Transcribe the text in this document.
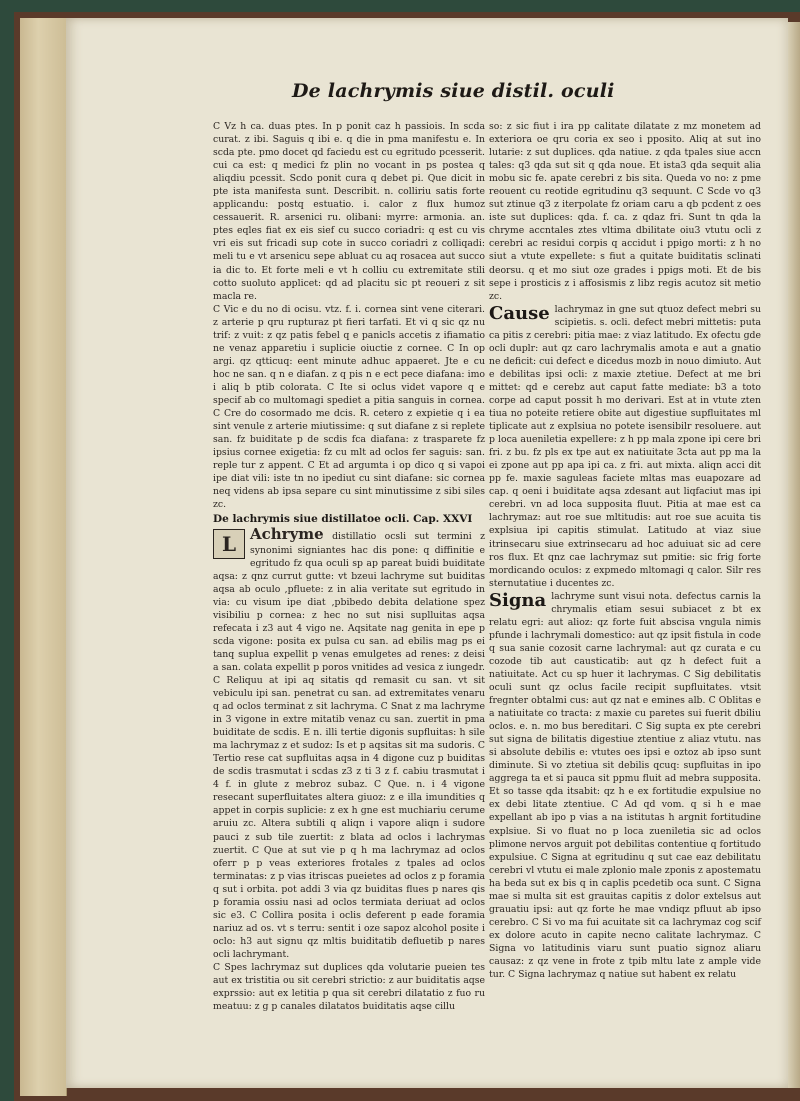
De lachrymis siue distil. oculi

C Vz h ca. duas ptes. In p ponit caz h passiois. In scda curat. z ibi. Saguis q ibi e. q die in pma manifestu e. In scda pte. pmo docet qd faciedu est cu egritudo pcesserit. cui ca est: q medici fz plin no vocant in ps postea q aliqdiu pcessit. Scdo ponit cura q debet pi. Que dicit in pte ista manifesta sunt. Describit. n. colliriu satis forte applicandu: postq estuatio. i. calor z flux humoz cessauerit. R. arsenici ru. olibani: myrre: armonia. an. ptes eqles fiat ex eis sief cu succo coriadri: q est cu vis vri eis sut fricadi sup cote in succo coriadri z colliqadi: meli tu e vt arsenicu sepe abluat cu aq rosacea aut succo ia dic to. Et forte meli e vt h colliu cu extremitate stili cotto suoluto applicet: qd ad placitu sic pt reoueri z sit macla re.

C Vic e du no di ocisu. vtz. f. i. cornea sint vene citerari. z arterie p qru rupturaz pt fieri tarfati. Et vi q sic qz nu trif: z vuit: z qz patis febel q e panicls accetis z ifiamatio ne venaz apparetiu i suplicie oiuctie z cornee. C In op argi. qz qtticuq: eent minute adhuc appaeret. Jte e cu hoc ne san. q n e diafan. z q pis n e ect pece diafana: imo i aliq b ptib colorata. C Ite si oclus videt vapore q e specif ab co multomagi spediet a pitia sanguis in cornea. C Cre do cosormado me dcis. R. cetero z expietie q i ea sint venule z arterie miutissime: q sut diafane z si replete san. fz buiditate p de scdis fca diafana: z trasparete fz ipsius cornee exigetia: fz cu mlt ad oclos fer saguis: san. reple tur z appent. C Et ad argumta i op dico q si vapoi ipe diat vili: iste tn no ipediut cu sint diafane: sic cornea neq videns ab ipsa separe cu sint minutissime z sibi siles zc.

De lachrymis siue distillatoe ocli. Cap. XXVI
L Achryme distillatio ocsli sut termini z synonimi signiantes hac dis pone: q diffinitie e egritudo fz qua oculi sp ap pareat buidi buiditate aqsa: z qnz currut gutte: vt bzeui lachryme sut buiditas aqsa ab oculo ,pfluete: z in alia veritate sut egritudo in via: cu visum ipe diat ,pbibedo debita delatione spez visibiliu p cornea: z hec no sut nisi suplluitas aqsa refecata i z3 aut 4 vigo ne. Aqsitate nag genita in epe p scda vigone: posita ex pulsa cu san. ad ebilis mag ps ei tanq suplua expellit p venas emulgetes ad renes: z deisi a san. colata expellit p poros vnitides ad vesica z iungedr. C Reliquu at ipi aq sitatis qd remasit cu san. vt sit vebiculu ipi san. penetrat cu san. ad extremitates venaru q ad oclos terminat z sit lachryma. C Snat z ma lachryme in 3 vigone in extre mitatib venaz cu san. zuertit in pma buiditate de scdis. E n. illi tertie digonis supfluitas: h sile ma lachrymaz z et sudoz: Is et p aqsitas sit ma sudoris. C Tertio rese cat supfluitas aqsa in 4 digone cuz p buiditas de scdis trasmutat i scdas z3 z ti 3 z f. cabiu trasmutat i 4 f. in glute z mebroz subaz. C Que. n. i 4 vigone resecant superfluitates altera giuoz: z e illa imundities q appet in corpis suplicie: z ex h gne est muchiariu cerume aruiu zc. Altera subtili q aliqn i vapore aliqn i sudore pauci z sub tile zuertit: z blata ad oclos i lachrymas zuertit. C Que at sut vie p q h ma lachrymaz ad oclos oferr p p veas exteriores frotales z tpales ad oclos terminatas: z p vias itriscas pueietes ad oclos z p foramia q sut i orbita. pot addi 3 via qz buiditas flues p nares qis p foramia ossiu nasi ad oclos termiata deriuat ad oclos sic e3. C Collira posita i oclis deferent p eade foramia nariuz ad os. vt s terru: sentit i oze sapoz alcohol posite i oclo: h3 aut signu qz mltis buiditatib defluetib p nares ocli lachrymant.

C Spes lachrymaz sut duplices qda volutarie pueien tes aut ex tristitia ou sit cerebri strictio: z aur buiditatis aqse exprssio: aut ex letitia p qua sit cerebri dilatatio z fuo ru meatuu: z g p canales dilatatos buiditatis aqse cillu

so: z sic fiut i ira pp calitate dilatate z mz monetem ad exteriora oe qru coria ex seo i pposito. Aliq at sut ino lutarie: z sut duplices. qda natiue. z qda tpales siue accn tales: q3 qda sut sit q qda noue. Et ista3 qda sequit alia mobu sic fe. apate cerebri z bis sita. Queda vo no: z pme reouent cu reotide egritudinu q3 sequunt. C Scde vo q3 sut ztinue q3 z iterpolate fz oriam caru a qb pcdent z oes iste sut duplices: qda. f. ca. z qdaz fri. Sunt tn qda la chryme accntales ztes vltima dbilitate oiu3 vtutu ocli z cerebri ac residui corpis q accidut i ppigo morti: z h no siut a vtute expellete: s fiut a quitate buiditatis sclinati deorsu. q et mo siut oze grades i ppigs moti. Et de bis sepe i prosticis z i affosismis z libz regis acutoz sit metio zc.

Cause lachrymaz in gne sut qtuoz defect mebri su scipietis. s. ocli. defect mebri mittetis: puta ca pitis z cerebri: pitia mae: z viaz latitudo. Ex ofectu gde ocli duplr: aut qz caro lachrymalis amota e aut a gnatio ne deficit: cui defect e dicedus mozb in nouo dimiuto. Aut e debilitas ipsi ocli: z maxie ztetiue. Defect at me bri mittet: qd e cerebz aut caput fatte mediate: b3 a toto corpe ad caput possit h mo derivari. Est at in vtute zten tiua no poteite retiere obite aut digestiue supfluitates ml tiplicate aut z explsiua no potete isensibilr resoluere. aut p loca aueniletia expellere: z h pp mala zpone ipi cere bri fri. z bu. fz pls ex tpe aut ex natiuitate 3cta aut pp ma la ei zpone aut pp apa ipi ca. z fri. aut mixta. aliqn acci dit pp fe. maxie saguleas faciete mltas mas euapozare ad cap. q oeni i buiditate aqsa zdesant aut liqfaciut mas ipi cerebri. vn ad loca supposita fluut. Pitia at mae est ca lachrymaz: aut roe sue mltitudis: aut roe sue acuita tis explsiua ipi capitis stimulat. Latitudo at viaz siue itrinsecaru siue extrinsecaru ad hoc aduiuat sic ad cere ros flux. Et qnz cae lachrymaz sut pmitie: sic frig forte mordicando oculos: z expmedo mltomagi q calor. Silr res sternutatiue i ducentes zc.

Signa lachryme sunt visui nota. defectus carnis la chrymalis etiam sesui subiacet z bt ex relatu egri: aut alioz: qz forte fuit abscisa vngula nimis pfunde i lachrymali domestico: aut qz ipsit fistula in code q sua sanie cozosit carne lachrymal: aut qz curata e cu cozode tib aut causticatib: aut qz h defect fuit a natiuitate. Act cu sp huer it lachrymas. C Sig debilitatis oculi sunt qz oclus facile recipit supfluitates. vtsit fregnter obtalmi cus: aut qz nat e emines alb. C Oblitas e a natiuitate co tracta: z maxie cu paretes sui fuerit dbiliu oclos. e. n. mo bus bereditari. C Sig supta ex pte cerebri sut signa de bilitatis digestiue ztentiue z aliaz vtutu. nas si absolute debilis e: vtutes oes ipsi e oztoz ab ipso sunt diminute. Si vo ztetiua sit debilis qcuq: supfluitas in ipo aggrega ta et si pauca sit ppmu fluit ad mebra supposita. Et so tasse qda itsabit: qz h e ex fortitudie expulsiue no ex debi litate ztentiue. C Ad qd vom. q si h e mae expellant ab ipo p vias a na istitutas h argnit fortitudine explsiue. Si vo fluat no p loca zueniletia sic ad oclos plimone nervos arguit pot debilitas contentiue q fortitudo expulsiue. C Signa at egritudinu q sut cae eaz debilitatu cerebri vl vtutu ei male zplonio male zponis z apostematu ha beda sut ex bis q in caplis pcedetib oca sunt. C Signa mae si multa sit est grauitas capitis z dolor extelsus aut grauatiu ipsi: aut qz forte he mae vndiqz pfluut ab ipso cerebro. C Si vo ma fui acuitate sit ca lachrymaz cog scif ex dolore acuto in capite necno calitate lachrymaz. C Signa vo latitudinis viaru sunt puatio signoz aliaru causaz: z qz vene in frote z tpib mltu late z ample vide tur. C Signa lachrymaz q natiue sut habent ex relatu
